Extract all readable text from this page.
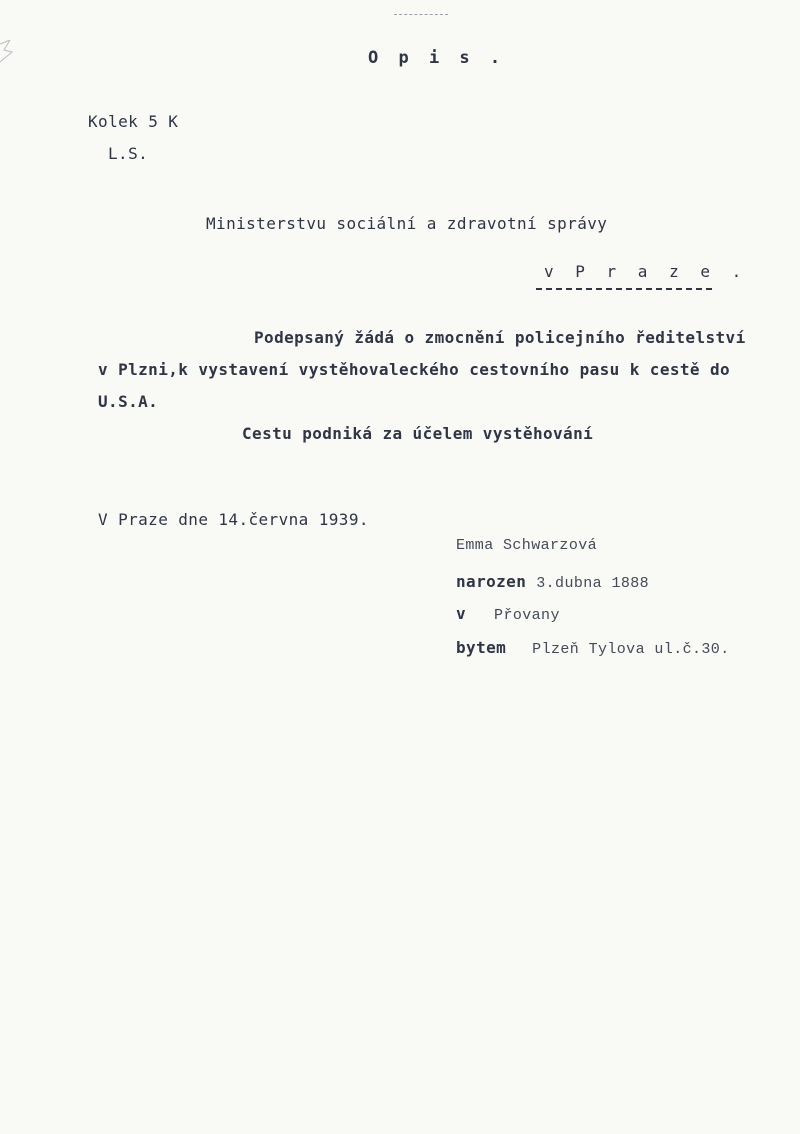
O p i s .
Kolek 5 K
L.S.
Ministerstvu sociální a zdravotní správy
v P r a z e .
Podepsaný žádá o zmocnění policejního ředitelství
v Plzni,k vystavení vystěhovaleckého cestovního pasu k cestě do
U.S.A.
Cestu podniká za účelem vystěhování
V Praze dne 14.června 1939.
Emma Schwarzová
narozen 3.dubna 1888
v Přovany
bytem Plzeň Tylova ul.č.30.
